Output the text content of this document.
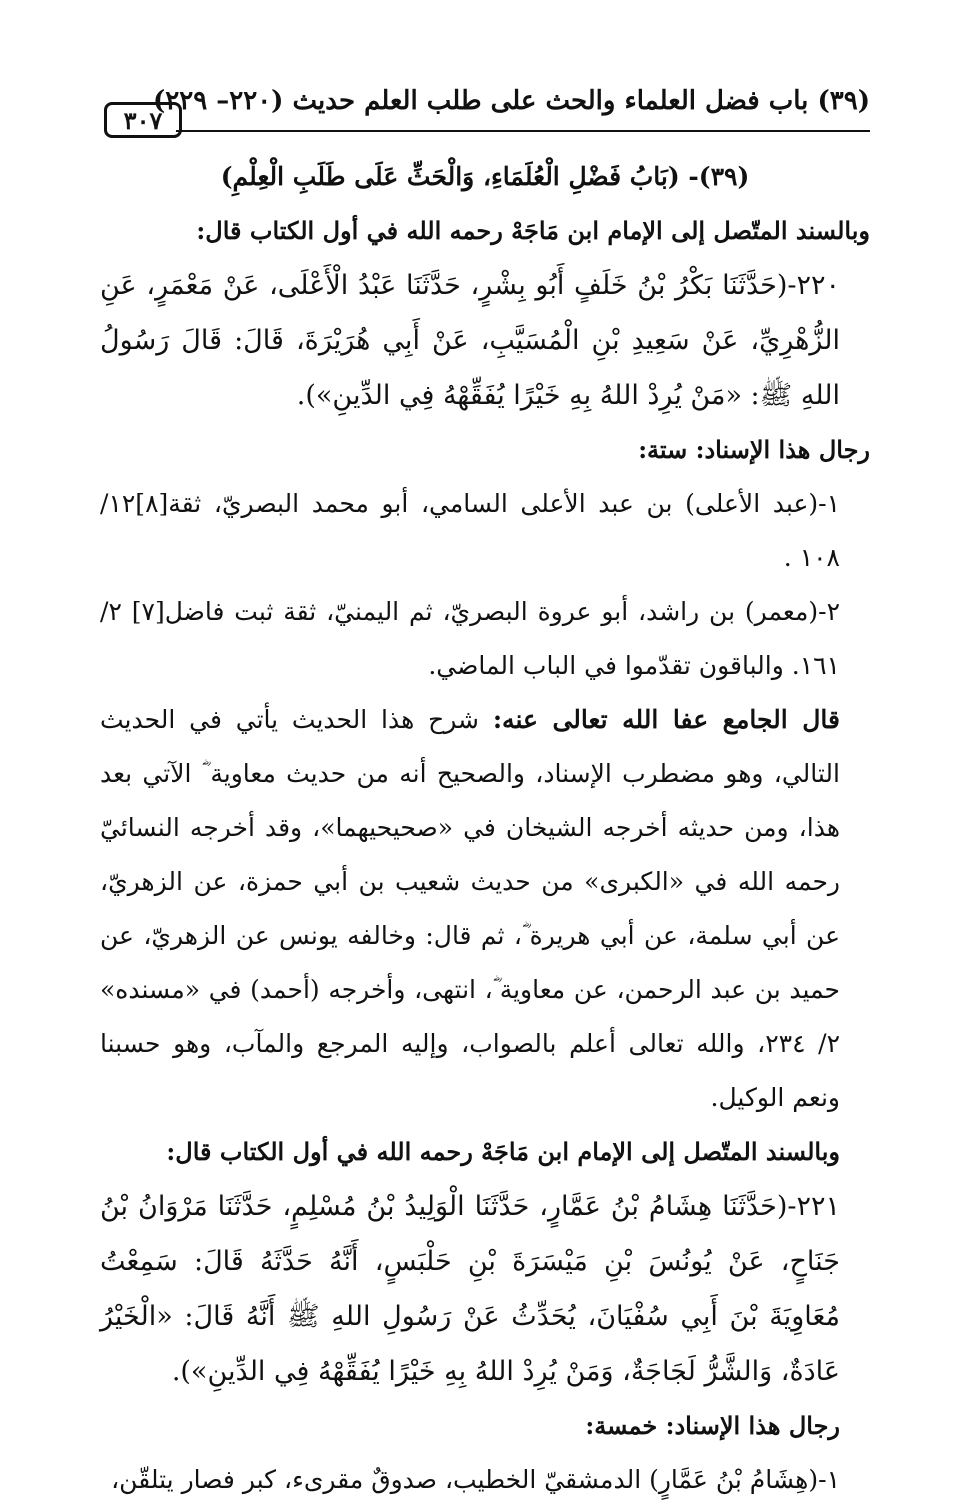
(٣٩) باب فضل العلماء والحث على طلب العلم حديث (٢٢٠– ٢٢٩)
٣٠٧

(٣٩)- (بَابُ فَضْلِ الْعُلَمَاءِ، وَالْحَثِّ عَلَى طَلَبِ الْعِلْمِ)

وبالسند المتّصل إلى الإمام ابن مَاجَهْ رحمه الله في أول الكتاب قال:

٢٢٠-(حَدَّثَنَا بَكْرُ بْنُ خَلَفٍ أَبُو بِشْرٍ، حَدَّثَنَا عَبْدُ الْأَعْلَى، عَنْ مَعْمَرٍ، عَنِ الزُّهْرِيِّ، عَنْ سَعِيدِ بْنِ الْمُسَيَّبِ، عَنْ أَبِي هُرَيْرَةَ، قَالَ: قَالَ رَسُولُ اللهِ ﷺ: «مَنْ يُرِدْ اللهُ بِهِ خَيْرًا يُفَقِّهْهُ فِي الدِّينِ»).

رجال هذا الإسناد: ستة:

١-(عبد الأعلى) بن عبد الأعلى السامي، أبو محمد البصريّ، ثقة[٨]١٢/ ١٠٨ .

٢-(معمر) بن راشد، أبو عروة البصريّ، ثم اليمنيّ، ثقة ثبت فاضل[٧] ٢/ ١٦١. والباقون تقدّموا في الباب الماضي.

قال الجامع عفا الله تعالى عنه: شرح هذا الحديث يأتي في الحديث التالي، وهو مضطرب الإسناد، والصحيح أنه من حديث معاوية ؓ الآتي بعد هذا، ومن حديثه أخرجه الشيخان في «صحيحيهما»، وقد أخرجه النسائيّ رحمه الله في «الكبرى» من حديث شعيب بن أبي حمزة، عن الزهريّ، عن أبي سلمة، عن أبي هريرة ؓ، ثم قال: وخالفه يونس عن الزهريّ، عن حميد بن عبد الرحمن، عن معاوية ؓ، انتهى، وأخرجه (أحمد) في «مسنده» ٢/ ٢٣٤، والله تعالى أعلم بالصواب، وإليه المرجع والمآب، وهو حسبنا ونعم الوكيل.

وبالسند المتّصل إلى الإمام ابن مَاجَهْ رحمه الله في أول الكتاب قال:

٢٢١-(حَدَّثَنَا هِشَامُ بْنُ عَمَّارٍ، حَدَّثَنَا الْوَلِيدُ بْنُ مُسْلِمٍ، حَدَّثَنَا مَرْوَانُ بْنُ جَنَاحٍ، عَنْ يُونُسَ بْنِ مَيْسَرَةَ بْنِ حَلْبَسٍ، أَنَّهُ حَدَّثَهُ قَالَ: سَمِعْتُ مُعَاوِيَةَ بْنَ أَبِي سُفْيَانَ، يُحَدِّثُ عَنْ رَسُولِ اللهِ ﷺ أَنَّهُ قَالَ: «الْخَيْرُ عَادَةٌ، وَالشَّرُّ لَجَاجَةٌ، وَمَنْ يُرِدْ اللهُ بِهِ خَيْرًا يُفَقِّهْهُ فِي الدِّينِ»).

رجال هذا الإسناد: خمسة:

١-(هِشَامُ بْنُ عَمَّارٍ) الدمشقيّ الخطيب، صدوقٌ مقرىء، كبر فصار يتلقّن،
